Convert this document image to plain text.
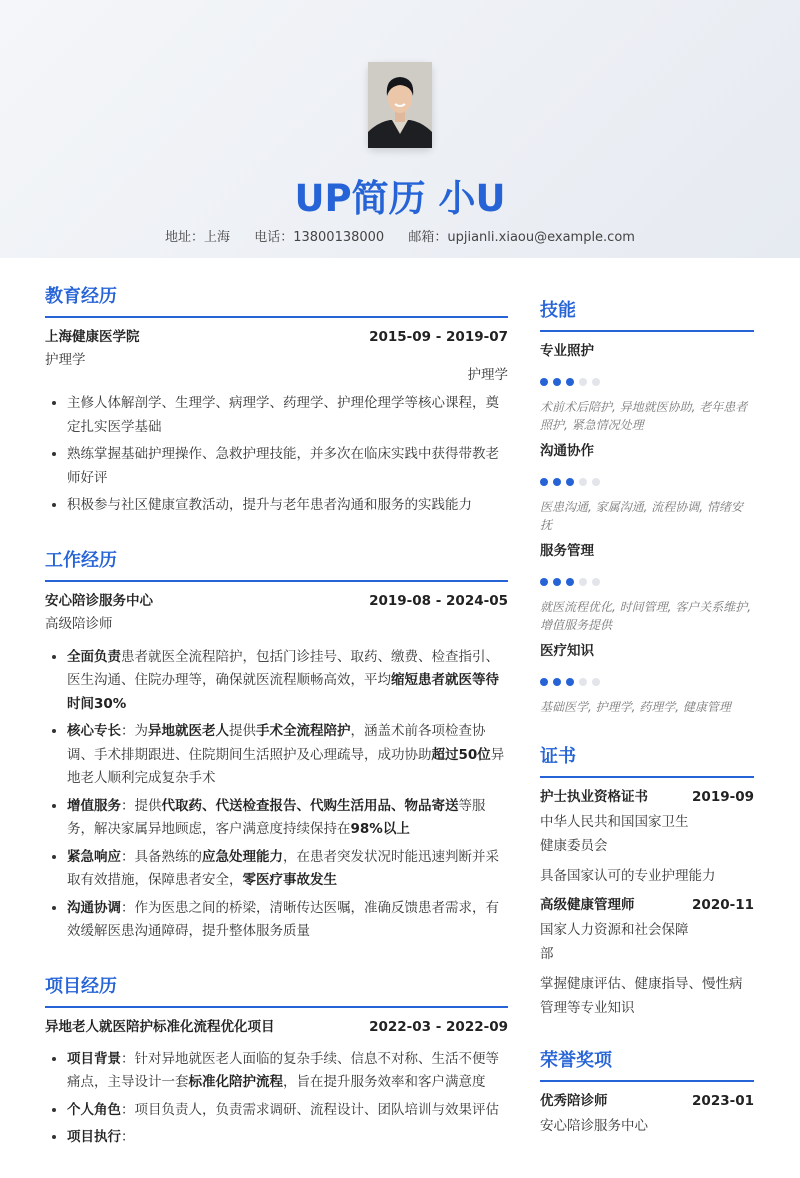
UP简历 小U
地址：上海 电话：13800138000 邮箱：upjianli.xiaou@example.com
教育经历
上海健康医学院	2015-09 - 2019-07
护理学
护理学
• 主修人体解剖学、生理学、病理学、药理学、护理伦理学等核心课程，奠定扎实医学基础
• 熟练掌握基础护理操作、急救护理技能，并多次在临床实践中获得带教老师好评
• 积极参与社区健康宣教活动，提升与老年患者沟通和服务的实践能力
工作经历
安心陪诊服务中心	2019-08 - 2024-05
高级陪诊师
• 全面负责患者就医全流程陪护，包括门诊挂号、取药、缴费、检查指引、医生沟通、住院办理等，确保就医流程顺畅高效，平均缩短患者就医等待时间30%
• 核心专长：为异地就医老人提供手术全流程陪护，涵盖术前各项检查协调、手术排期跟进、住院期间生活照护及心理疏导，成功协助超过50位异地老人顺利完成复杂手术
• 增值服务：提供代取药、代送检查报告、代购生活用品、物品寄送等服务，解决家属异地顾虑，客户满意度持续保持在98%以上
• 紧急响应：具备熟练的应急处理能力，在患者突发状况时能迅速判断并采取有效措施，保障患者安全，零医疗事故发生
• 沟通协调：作为医患之间的桥梁，清晰传达医嘱，准确反馈患者需求，有效缓解医患沟通障碍，提升整体服务质量
项目经历
异地老人就医陪护标准化流程优化项目	2022-03 - 2022-09
• 项目背景：针对异地就医老人面临的复杂手续、信息不对称、生活不便等痛点，主导设计一套标准化陪护流程，旨在提升服务效率和客户满意度
• 个人角色：项目负责人，负责需求调研、流程设计、团队培训与效果评估
• 项目执行：
技能
专业照护
术前术后陪护, 异地就医协助, 老年患者照护, 紧急情况处理
沟通协作
医患沟通, 家属沟通, 流程协调, 情绪安抚
服务管理
就医流程优化, 时间管理, 客户关系维护, 增值服务提供
医疗知识
基础医学, 护理学, 药理学, 健康管理
证书
护士执业资格证书	2019-09
中华人民共和国国家卫生健康委员会
具备国家认可的专业护理能力
高级健康管理师	2020-11
国家人力资源和社会保障部
掌握健康评估、健康指导、慢性病管理等专业知识
荣誉奖项
优秀陪诊师	2023-01
安心陪诊服务中心
